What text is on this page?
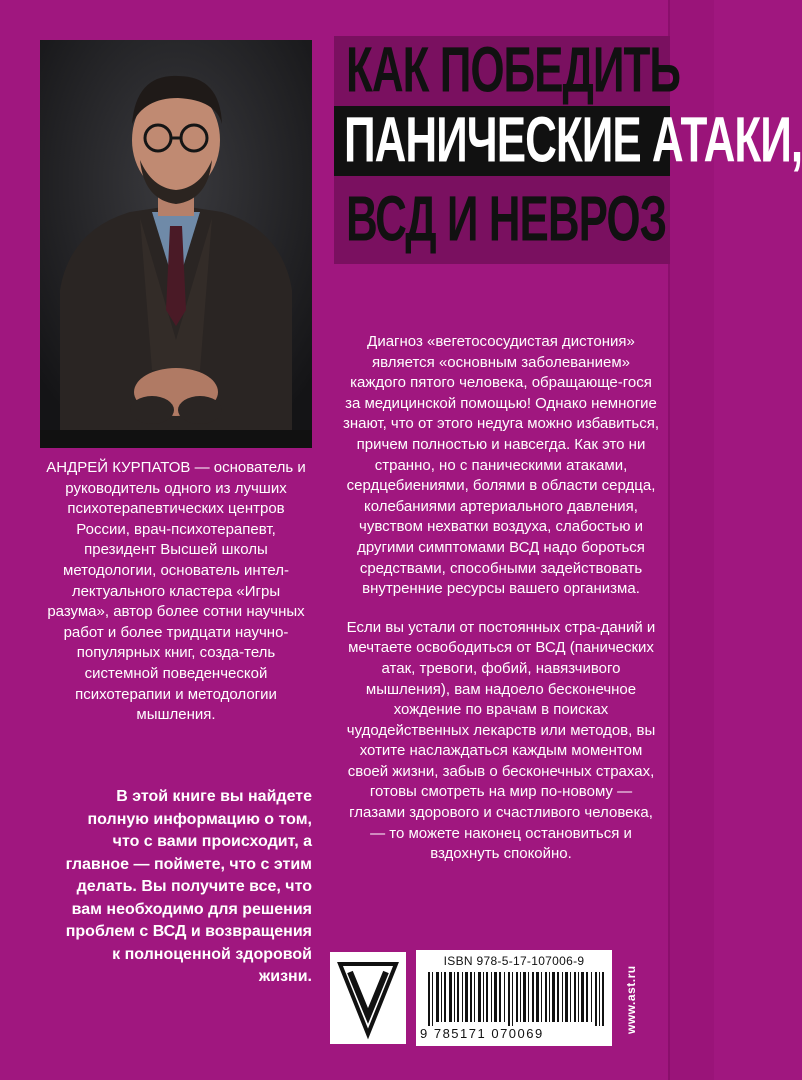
КАК ПОБЕДИТЬ
ПАНИЧЕСКИЕ АТАКИ,
ВСД И НЕВРОЗ

Диагноз «вегетососудистая дистония» является «основным заболеванием» каждого пятого человека, обращающе-гося за медицинской помощью! Однако немногие знают, что от этого недуга можно избавиться, причем полностью и навсегда. Как это ни странно, но с паническими атаками, сердцебиениями, болями в области сердца, колебаниями артериального давления, чувством нехватки воздуха, слабостью и другими симптомами ВСД надо бороться средствами, способными задействовать внутренние ресурсы вашего организма.

Если вы устали от постоянных стра-даний и мечтаете освободиться от ВСД (панических атак, тревоги, фобий, навязчивого мышления), вам надоело бесконечное хождение по врачам в поисках чудодейственных лекарств или методов, вы хотите наслаждаться каждым моментом своей жизни, забыв о бесконечных страхах, готовы смотреть на мир по-новому — глазами здорового и счастливого человека, — то можете наконец остановиться и вздохнуть спокойно.

АНДРЕЙ КУРПАТОВ — основатель и руководитель одного из лучших психотерапевтических центров России, врач-психотерапевт, президент Высшей школы методологии, основатель интел-лектуального кластера «Игры разума», автор более сотни научных работ и более тридцати научно-популярных книг, созда-тель системной поведенческой психотерапии и методологии мышления.

В этой книге вы найдете полную информацию о том, что с вами происходит, а главное — поймете, что с этим делать. Вы получите все, что вам необходимо для решения проблем с ВСД и возвращения к полноценной здоровой жизни.

ISBN 978-5-17-107006-9
9 785171 070069	www.ast.ru
